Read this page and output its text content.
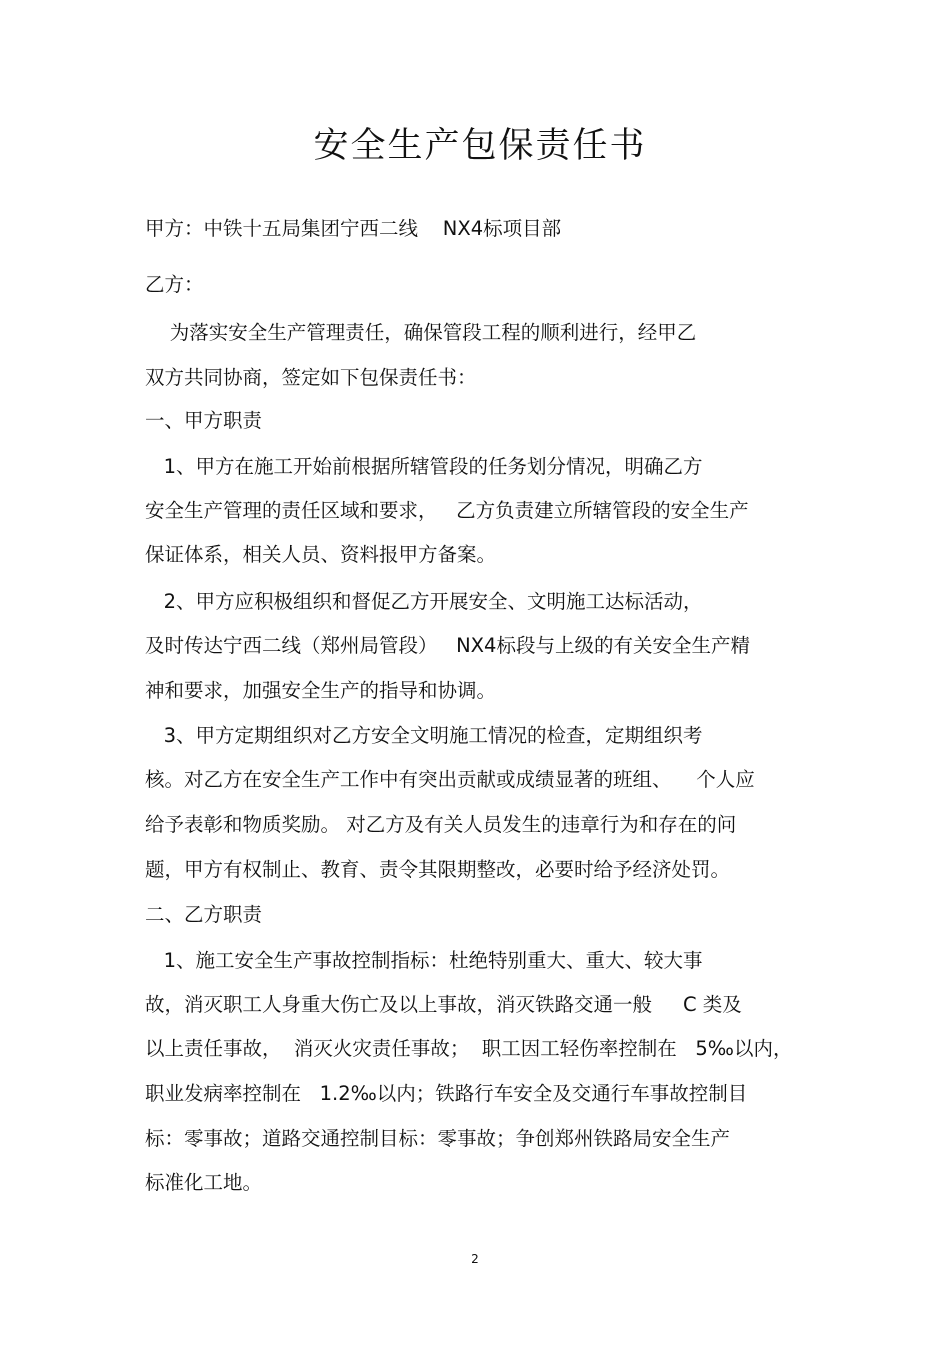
安全生产包保责任书
甲方：中铁十五局集团宁西二线    NX4标项目部
乙方：
为落实安全生产管理责任，确保管段工程的顺利进行，经甲乙
双方共同协商，签定如下包保责任书：
一、甲方职责
1、甲方在施工开始前根据所辖管段的任务划分情况，明确乙方
安全生产管理的责任区域和要求，   乙方负责建立所辖管段的安全生产
保证体系，相关人员、资料报甲方备案。
2、甲方应积极组织和督促乙方开展安全、文明施工达标活动，
及时传达宁西二线（郑州局管段）   NX4标段与上级的有关安全生产精
神和要求，加强安全生产的指导和协调。
3、甲方定期组织对乙方安全文明施工情况的检查，定期组织考
核。对乙方在安全生产工作中有突出贡献或成绩显著的班组、    个人应
给予表彰和物质奖励。 对乙方及有关人员发生的违章行为和存在的问
题，甲方有权制止、教育、责令其限期整改，必要时给予经济处罚。
二、乙方职责
1、施工安全生产事故控制指标：杜绝特别重大、重大、较大事
故，消灭职工人身重大伤亡及以上事故，消灭铁路交通一般     C 类及
以上责任事故，  消灭火灾责任事故；  职工因工轻伤率控制在   5‰以内，
职业发病率控制在   1.2‰以内；铁路行车安全及交通行车事故控制目
标：零事故；道路交通控制目标：零事故；争创郑州铁路局安全生产
标准化工地。
2
